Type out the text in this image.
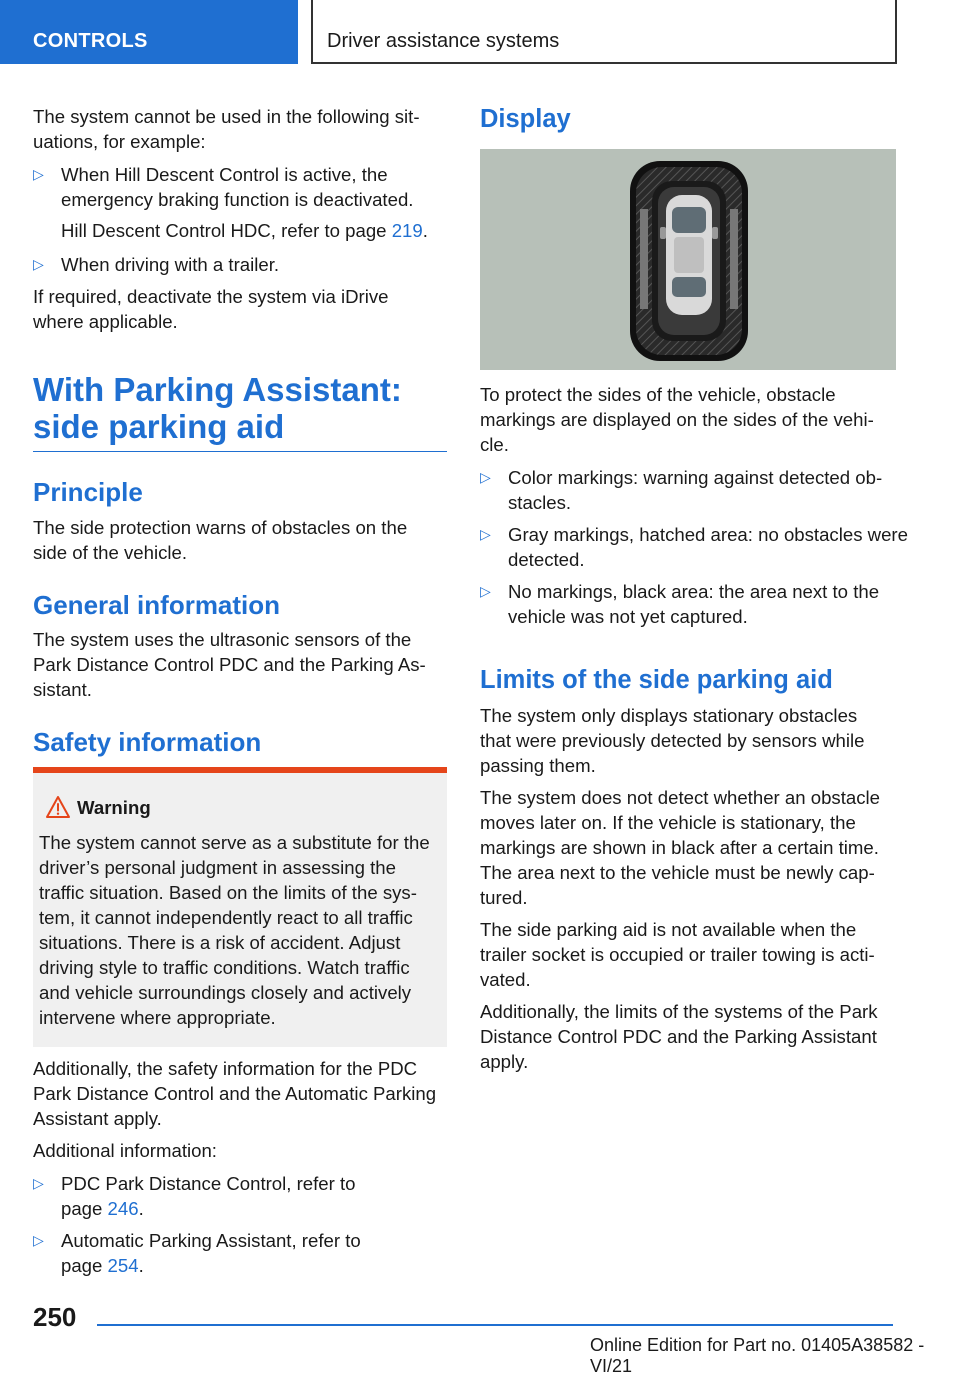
CONTROLS	Driver assistance systems

The system cannot be used in the following sit-uations, for example:

▷ When Hill Descent Control is active, the emergency braking function is deactivated.

Hill Descent Control HDC, refer to page 219.

▷ When driving with a trailer.

If required, deactivate the system via iDrive where applicable.

With Parking Assistant:
side parking aid
Principle

The side protection warns of obstacles on the side of the vehicle.

General information

The system uses the ultrasonic sensors of the Park Distance Control PDC and the Parking As-sistant.

Safety information

Additionally, the safety information for the PDC Park Distance Control and the Automatic Parking Assistant apply.

Additional information:

▷ PDC Park Distance Control, refer to page 246.
▷ Automatic Parking Assistant, refer to page 254.
Warning
The system cannot serve as a substitute for the driver’s personal judgment in assessing the traffic situation. Based on the limits of the sys-tem, it cannot independently react to all traffic situations. There is a risk of accident. Adjust driving style to traffic conditions. Watch traffic and vehicle surroundings closely and actively intervene where appropriate.
Display

To protect the sides of the vehicle, obstacle markings are displayed on the sides of the vehi-cle.

▷ Color markings: warning against detected ob-stacles.
▷ Gray markings, hatched area: no obstacles were detected.
▷ No markings, black area: the area next to the vehicle was not yet captured.
Limits of the side parking aid

The system only displays stationary obstacles that were previously detected by sensors while passing them.

The system does not detect whether an obstacle moves later on. If the vehicle is stationary, the markings are shown in black after a certain time. The area next to the vehicle must be newly cap-tured.

The side parking aid is not available when the trailer socket is occupied or trailer towing is acti-vated.

Additionally, the limits of the systems of the Park Distance Control PDC and the Parking Assistant apply.

250
Online Edition for Part no. 01405A38582 - VI/21
